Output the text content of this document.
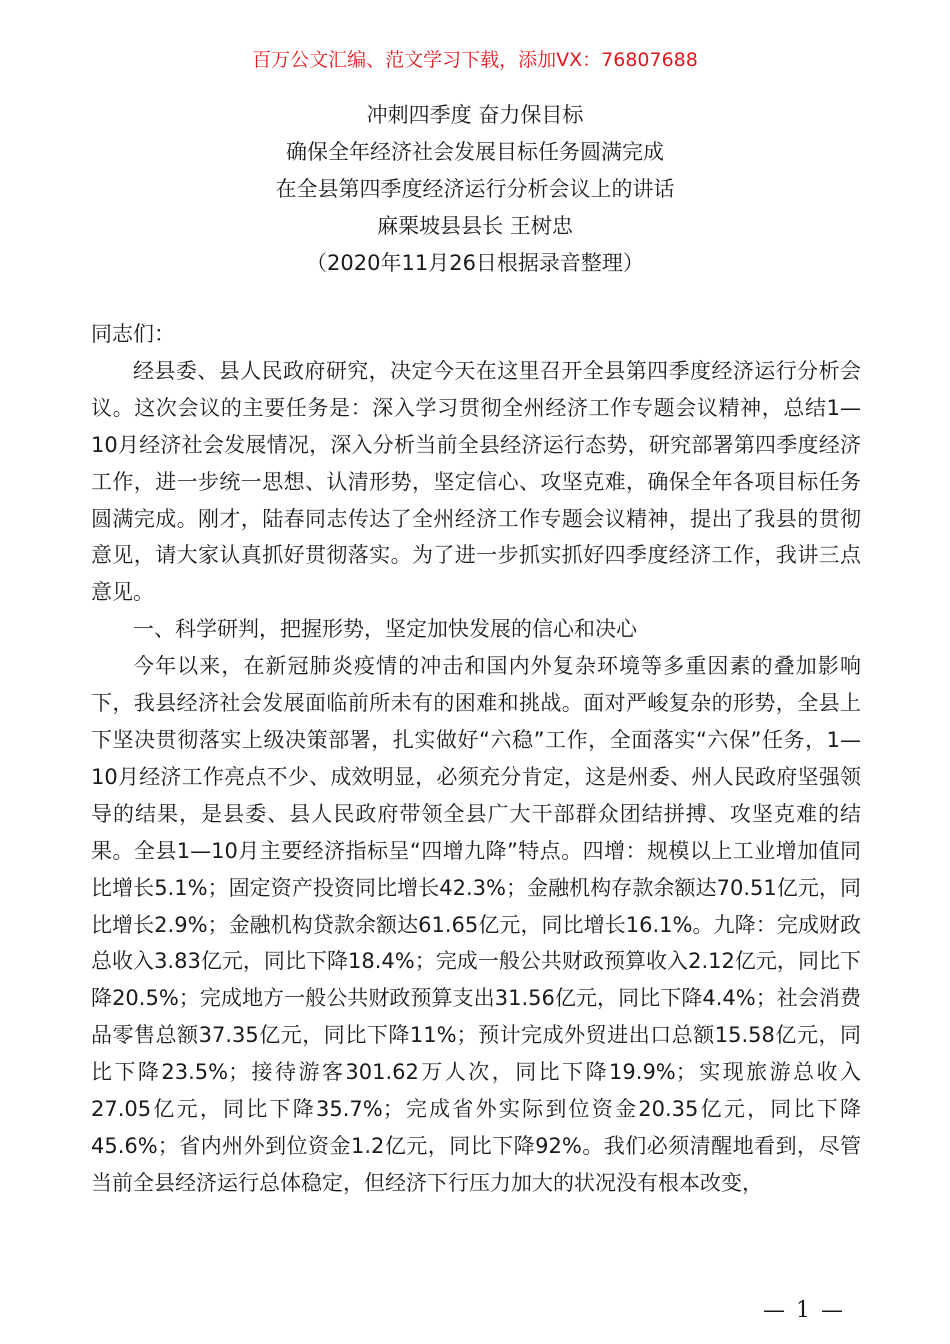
百万公文汇编、范文学习下载，添加VX：76807688
冲刺四季度 奋力保目标
确保全年经济社会发展目标任务圆满完成
在全县第四季度经济运行分析会议上的讲话
麻栗坡县县长 王树忠
（2020年11月26日根据录音整理）

同志们：

经县委、县人民政府研究，决定今天在这里召开全县第四季度经济运行分析会议。这次会议的主要任务是：深入学习贯彻全州经济工作专题会议精神，总结1—10月经济社会发展情况，深入分析当前全县经济运行态势，研究部署第四季度经济工作，进一步统一思想、认清形势，坚定信心、攻坚克难，确保全年各项目标任务圆满完成。刚才，陆春同志传达了全州经济工作专题会议精神，提出了我县的贯彻意见，请大家认真抓好贯彻落实。为了进一步抓实抓好四季度经济工作，我讲三点意见。

一、科学研判，把握形势，坚定加快发展的信心和决心

今年以来，在新冠肺炎疫情的冲击和国内外复杂环境等多重因素的叠加影响下，我县经济社会发展面临前所未有的困难和挑战。面对严峻复杂的形势，全县上下坚决贯彻落实上级决策部署，扎实做好“六稳”工作，全面落实“六保”任务，1—10月经济工作亮点不少、成效明显，必须充分肯定，这是州委、州人民政府坚强领导的结果，是县委、县人民政府带领全县广大干部群众团结拼搏、攻坚克难的结果。全县1—10月主要经济指标呈“四增九降”特点。四增：规模以上工业增加值同比增长5.1%；固定资产投资同比增长42.3%；金融机构存款余额达70.51亿元，同比增长2.9%；金融机构贷款余额达61.65亿元，同比增长16.1%。九降：完成财政总收入3.83亿元，同比下降18.4%；完成一般公共财政预算收入2.12亿元，同比下降20.5%；完成地方一般公共财政预算支出31.56亿元，同比下降4.4%；社会消费品零售总额37.35亿元，同比下降11%；预计完成外贸进出口总额15.58亿元，同比下降23.5%；接待游客301.62万人次，同比下降19.9%；实现旅游总收入27.05亿元，同比下降35.7%；完成省外实际到位资金20.35亿元，同比下降45.6%；省内州外到位资金1.2亿元，同比下降92%。我们必须清醒地看到，尽管当前全县经济运行总体稳定，但经济下行压力加大的状况没有根本改变，

— 1 —
